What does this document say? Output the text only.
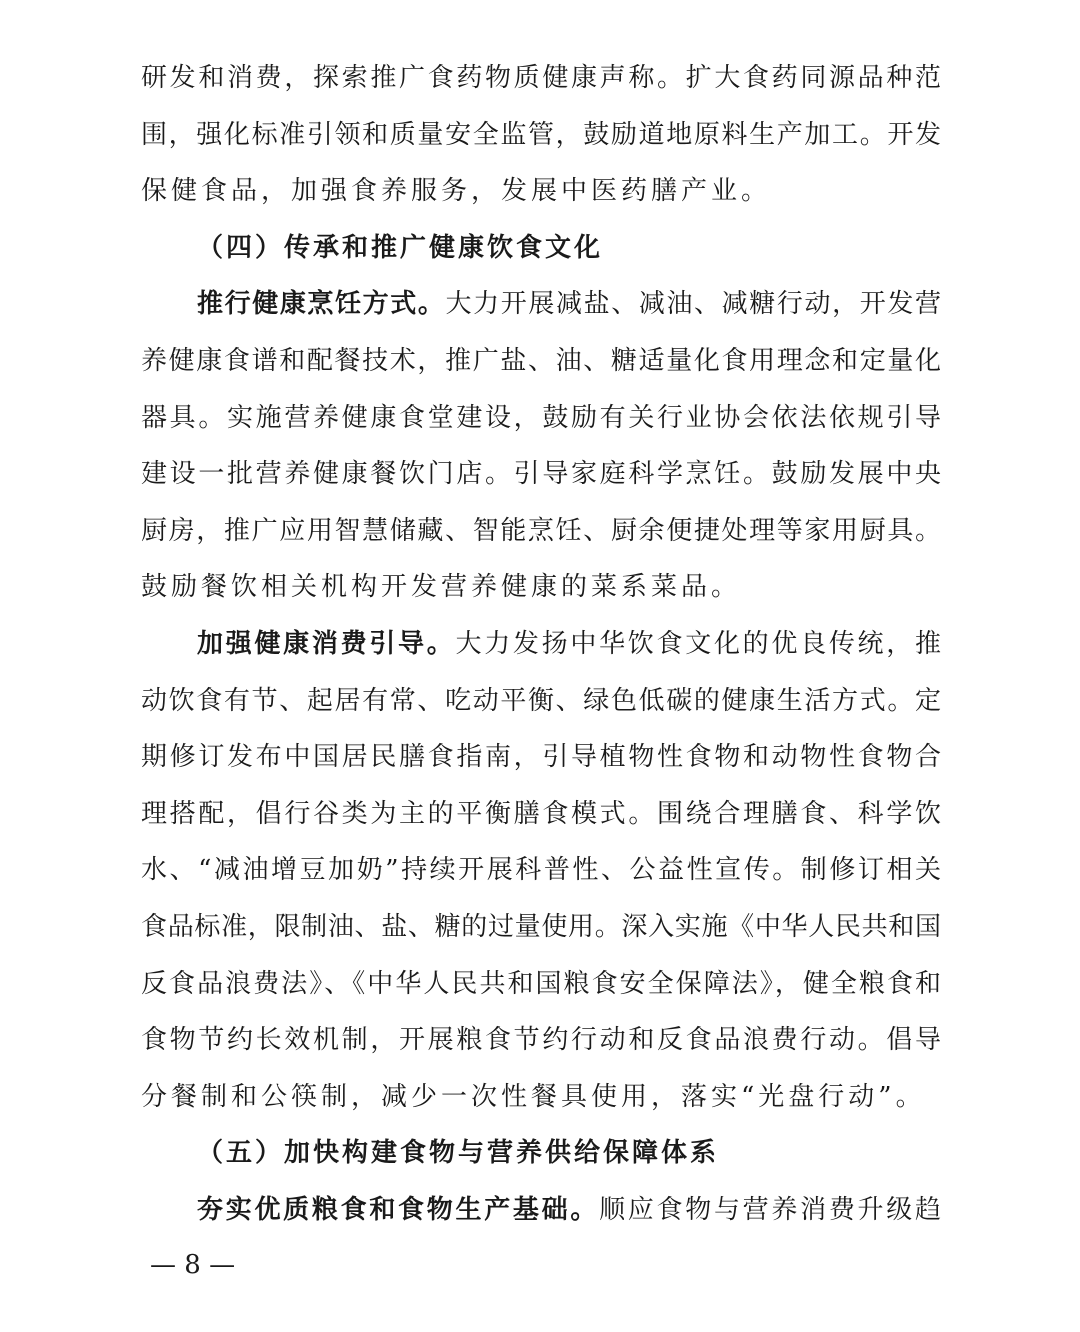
研发和消费，探索推广食药物质健康声称。扩大食药同源品种范
围，强化标准引领和质量安全监管，鼓励道地原料生产加工。开发
保健食品，加强食养服务，发展中医药膳产业。
（四）传承和推广健康饮食文化
推行健康烹饪方式。大力开展减盐、减油、减糖行动，开发营
养健康食谱和配餐技术，推广盐、油、糖适量化食用理念和定量化
器具。实施营养健康食堂建设，鼓励有关行业协会依法依规引导
建设一批营养健康餐饮门店。引导家庭科学烹饪。鼓励发展中央
厨房，推广应用智慧储藏、智能烹饪、厨余便捷处理等家用厨具。
鼓励餐饮相关机构开发营养健康的菜系菜品。
加强健康消费引导。大力发扬中华饮食文化的优良传统，推
动饮食有节、起居有常、吃动平衡、绿色低碳的健康生活方式。定
期修订发布中国居民膳食指南，引导植物性食物和动物性食物合
理搭配，倡行谷类为主的平衡膳食模式。围绕合理膳食、科学饮
水、“减油增豆加奶”持续开展科普性、公益性宣传。制修订相关
食品标准，限制油、盐、糖的过量使用。深入实施《中华人民共和国
反食品浪费法》、《中华人民共和国粮食安全保障法》，健全粮食和
食物节约长效机制，开展粮食节约行动和反食品浪费行动。倡导
分餐制和公筷制，减少一次性餐具使用，落实“光盘行动”。
（五）加快构建食物与营养供给保障体系
夯实优质粮食和食物生产基础。顺应食物与营养消费升级趋
— 8 —
